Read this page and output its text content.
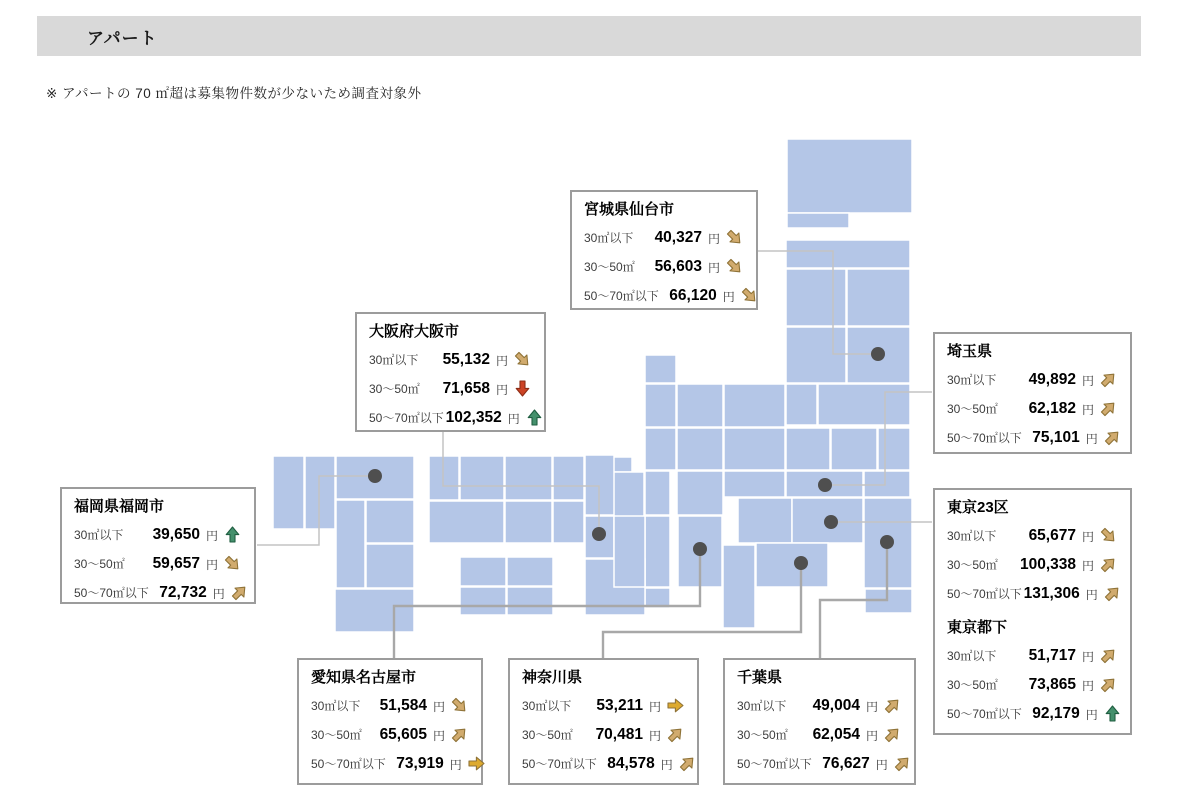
アパート
※ アパートの 70 ㎡超は募集物件数が少ないため調査対象外
宮城県仙台市
30㎡以下	40,327 円
30〜50㎡	56,603 円
50〜70㎡以下 66,120 円
大阪府大阪市
30㎡以下	55,132 円
30〜50㎡	71,658 円
50〜70㎡以下 102,352 円
埼玉県
30㎡以下	49,892 円
30〜50㎡	62,182 円
50〜70㎡以下 75,101 円
福岡県福岡市
30㎡以下	39,650 円
30〜50㎡	59,657 円
50〜70㎡以下 72,732 円
東京23区
30㎡以下	65,677 円
30〜50㎡	100,338 円
50〜70㎡以下 131,306 円
東京都下
30㎡以下	51,717 円
30〜50㎡	73,865 円
50〜70㎡以下 92,179 円
愛知県名古屋市
30㎡以下	51,584 円
30〜50㎡	65,605 円
50〜70㎡以下 73,919 円
神奈川県
30㎡以下	53,211 円
30〜50㎡	70,481 円
50〜70㎡以下 84,578 円
千葉県
30㎡以下	49,004 円
30〜50㎡	62,054 円
50〜70㎡以下 76,627 円
